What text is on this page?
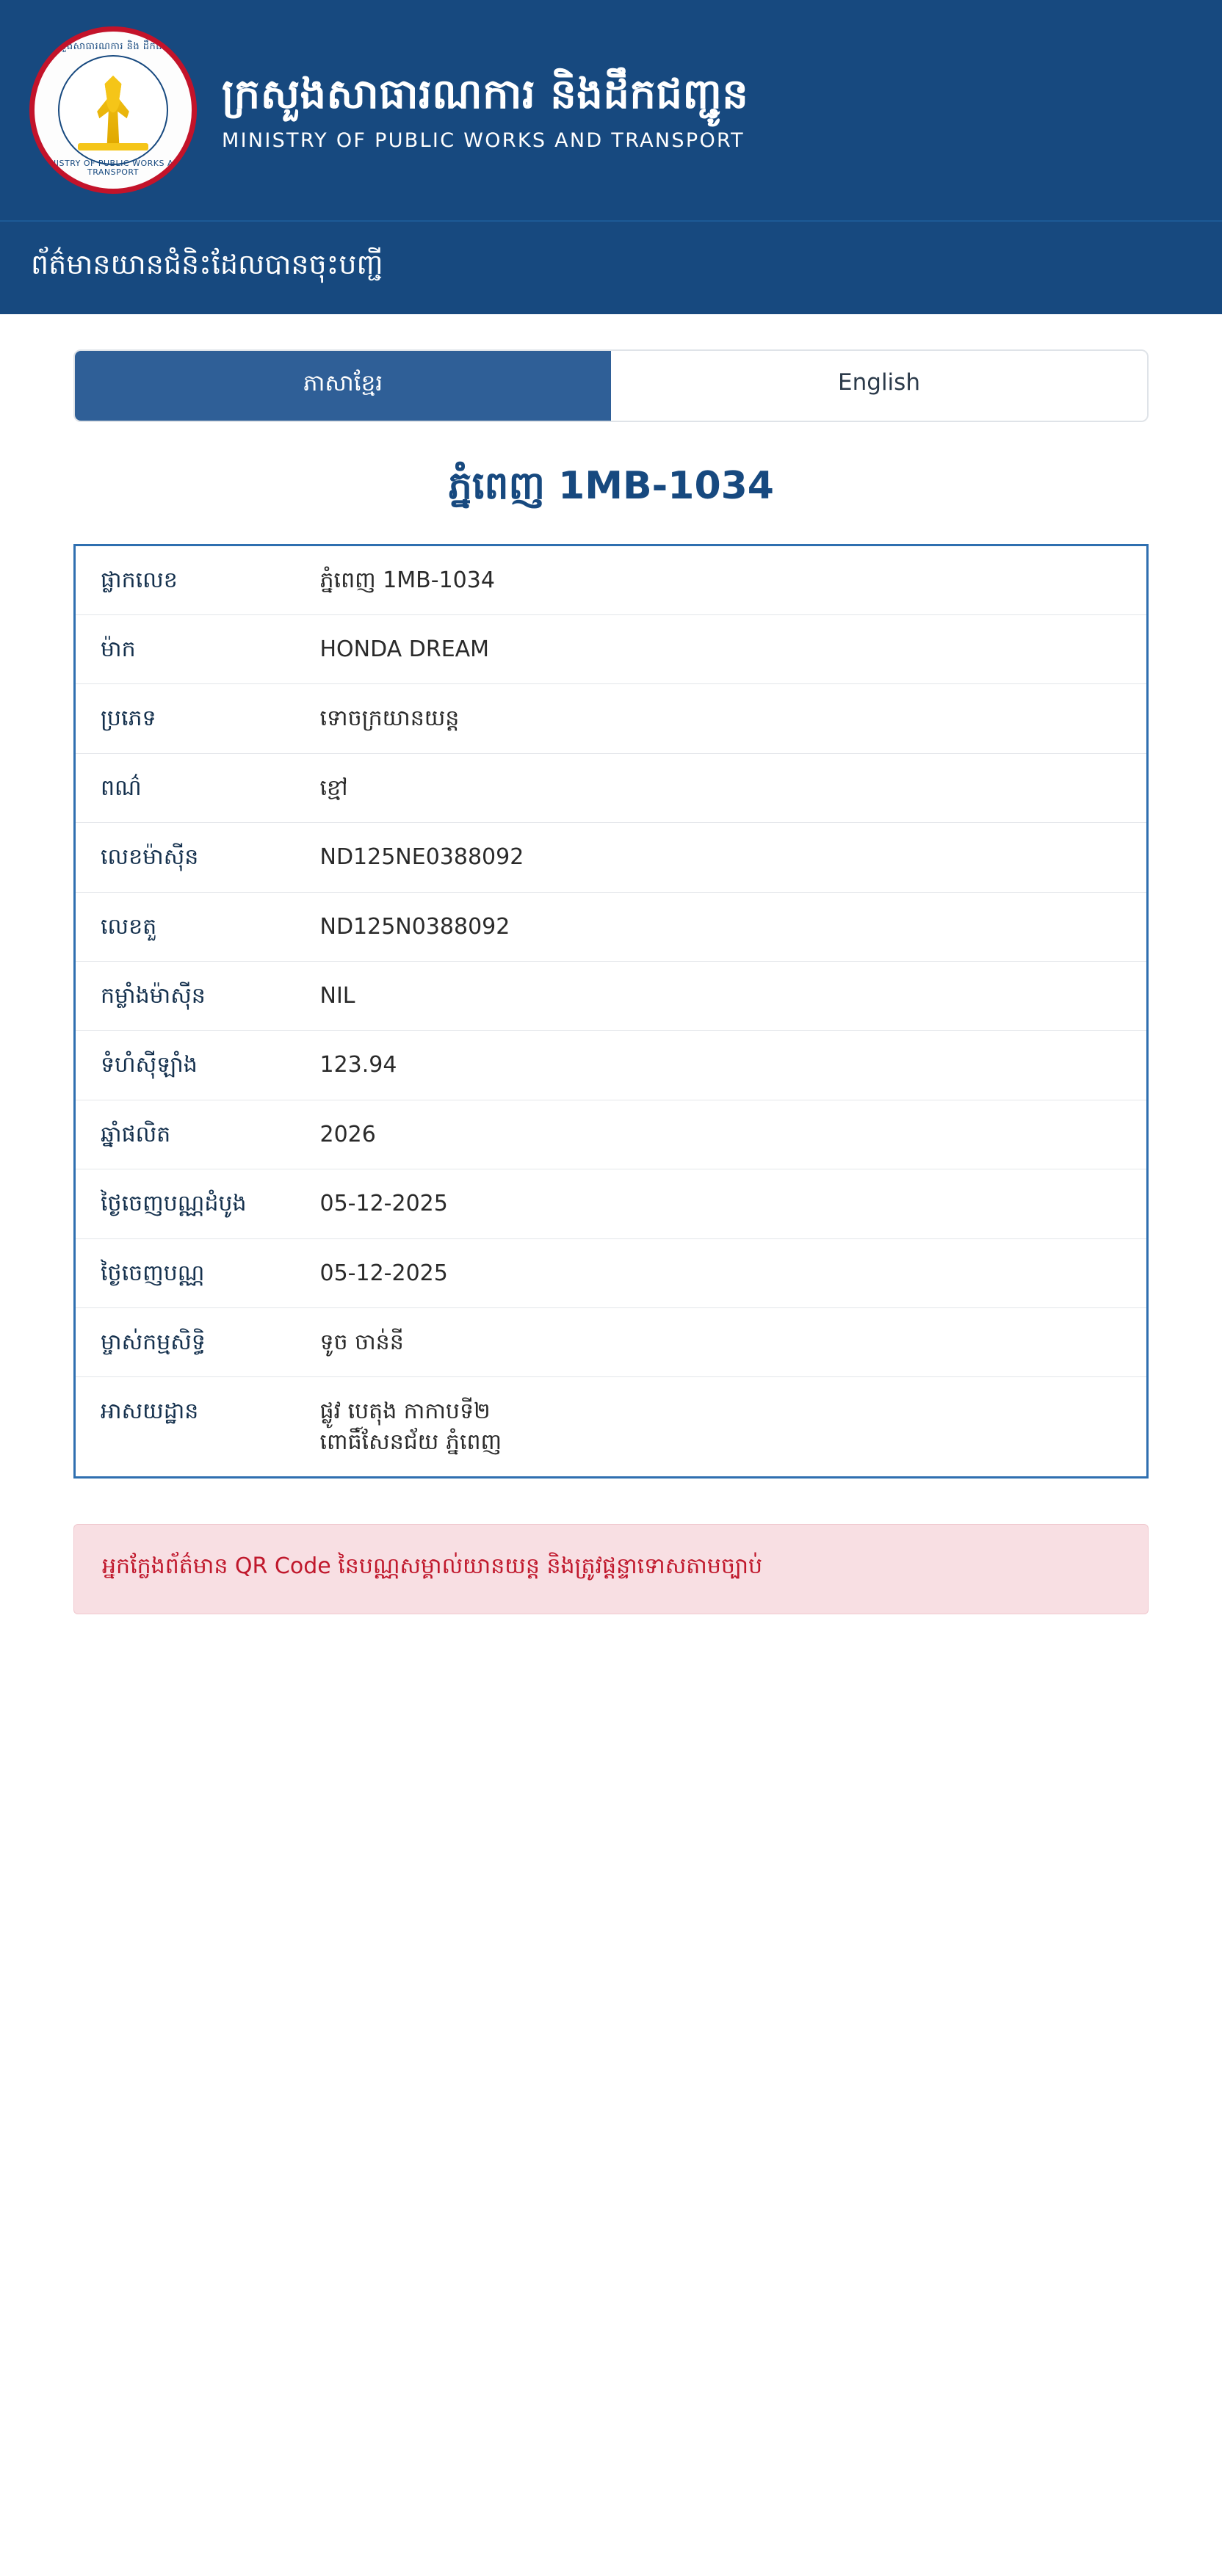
ក្រសួងសាធារណការ និង ដឹកជញ្ជូន
MINISTRY OF PUBLIC WORKS AND TRANSPORT
ក្រសួងសាធារណការ និងដឹកជញ្ជូន
MINISTRY OF PUBLIC WORKS AND TRANSPORT
ព័ត៌មានយានជំនិះដែលបានចុះបញ្ជី
ភាសាខ្មែរ	English
ភ្នំពេញ 1MB-1034
ផ្លាកលេខ	ភ្នំពេញ 1MB-1034
ម៉ាក	HONDA DREAM
ប្រភេទ	ទោចក្រយានយន្ត
ពណ៌	ខ្មៅ
លេខម៉ាស៊ីន	ND125NE0388092
លេខតួ	ND125N0388092
កម្លាំងម៉ាស៊ីន	NIL
ទំហំស៊ីឡាំង	123.94
ឆ្នាំផលិត	2026
ថ្ងៃចេញបណ្ណដំបូង	05-12-2025
ថ្ងៃចេញបណ្ណ	05-12-2025
ម្ចាស់កម្មសិទ្ធិ	ទូច ចាន់នី
អាសយដ្ឋាន	ផ្លូវ បេតុង កាកាបទី២
ពោធិ៍សែនជ័យ ភ្នំពេញ
អ្នកក្លែងព័ត៌មាន QR Code នៃបណ្ណសម្គាល់យានយន្ត និងត្រូវផ្តន្ទាទោសតាមច្បាប់
